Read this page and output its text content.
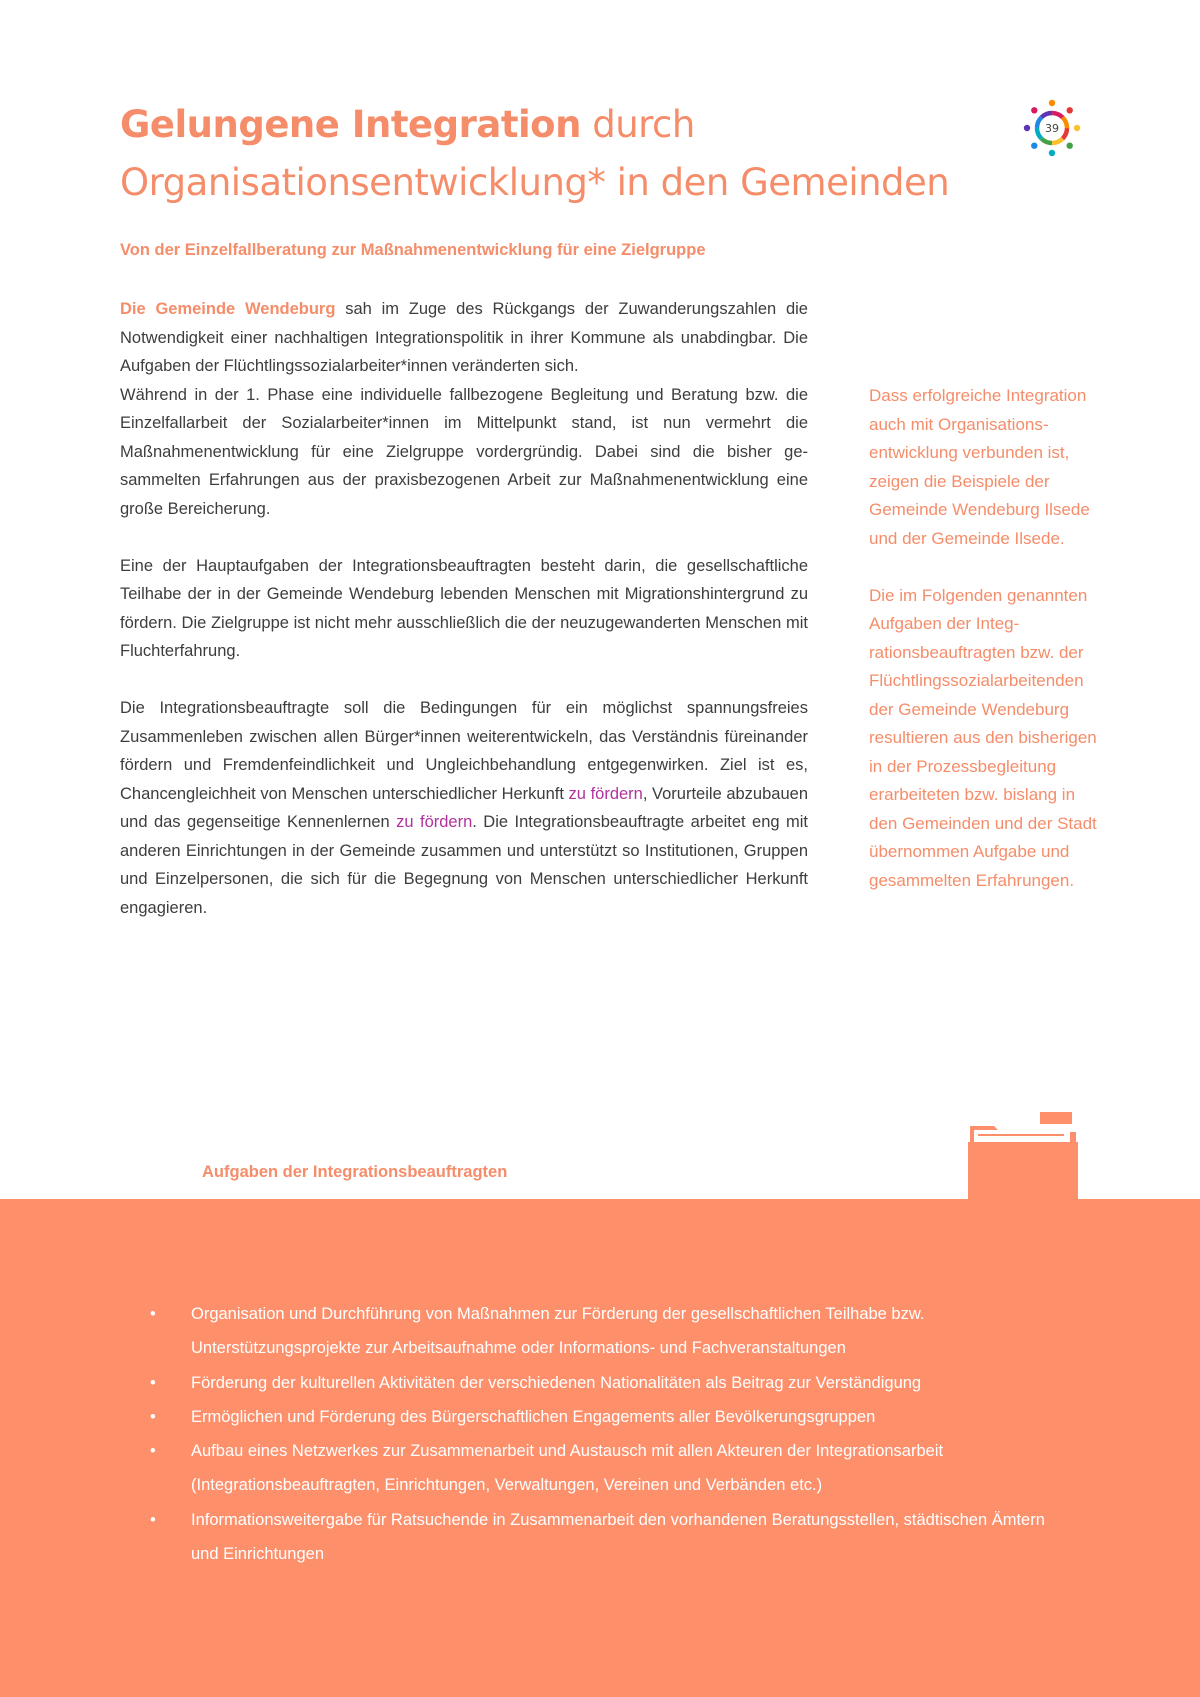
Gelungene Integration durch
Organisationsentwicklung* in den Gemeinden
39
Von der Einzelfallberatung zur Maßnahmenentwicklung für eine Zielgruppe

Die Gemeinde Wendeburg sah im Zuge des Rückgangs der Zuwanderungszahlen die Notwendigkeit einer nachhaltigen Integrationspolitik in ihrer Kommune als unabdingbar. Die Aufgaben der Flüchtlingssozialarbeiter*innen veränderten sich.
Während in der 1. Phase eine individuelle fallbezogene Begleitung und Beratung bzw. die Einzelfallarbeit der Sozialarbeiter*innen im Mittelpunkt stand, ist nun vermehrt die Maßnahmenentwicklung für eine Zielgruppe vordergründig. Dabei sind die bisher gesammelten Erfahrungen aus der praxisbezogenen Arbeit zur Maßnahmenentwicklung eine große Bereicherung.

Eine der Hauptaufgaben der Integrationsbeauftragten besteht darin, die gesellschaftliche Teilhabe der in der Gemeinde Wendeburg lebenden Menschen mit Migrationshintergrund zu fördern. Die Zielgruppe ist nicht mehr ausschließlich die der neuzugewanderten Menschen mit Fluchterfahrung.

Die Integrationsbeauftragte soll die Bedingungen für ein möglichst spannungsfreies Zusammenleben zwischen allen Bürger*innen weiterentwickeln, das Verständnis füreinander fördern und Fremdenfeindlichkeit und Ungleichbehandlung entgegenwirken. Ziel ist es, Chancengleichheit von Menschen unterschiedlicher Herkunft zu fördern, Vorurteile abzubauen und das gegenseitige Kennenlernen zu fördern. Die Integrationsbeauftragte arbeitet eng mit anderen Einrichtungen in der Gemeinde zusammen und unterstützt so Institutionen, Gruppen und Einzelpersonen, die sich für die Begegnung von Menschen unterschiedlicher Herkunft engagieren.

Dass erfolgreiche Integration auch mit Organisationsentwicklung verbunden ist, zeigen die Beispiele der Gemeinde Wendeburg Ilsede und der Gemeinde Ilsede.

Die im Folgenden genannten Aufgaben der Integrationsbeauftragten bzw. der Flüchtlingssozialarbeitenden der Gemeinde Wendeburg resultieren aus den bisherigen in der Prozessbegleitung erarbeiteten bzw. bislang in den Gemeinden und der Stadt übernommen Aufgabe und gesammelten Erfahrungen.

Aufgaben der Integrationsbeauftragten
• Organisation und Durchführung von Maßnahmen zur Förderung der gesellschaftlichen Teilhabe bzw. Unterstützungsprojekte zur Arbeitsaufnahme oder Informations- und Fachveranstaltungen
• Förderung der kulturellen Aktivitäten der verschiedenen Nationalitäten als Beitrag zur Verständigung
• Ermöglichen und Förderung des Bürgerschaftlichen Engagements aller Bevölkerungsgruppen
• Aufbau eines Netzwerkes zur Zusammenarbeit und Austausch mit allen Akteuren der Integrationsarbeit (Integrationsbeauftragten, Einrichtungen, Verwaltungen, Vereinen und Verbänden etc.)
• Informationsweitergabe für Ratsuchende in Zusammenarbeit den vorhandenen Beratungsstellen, städtischen Ämtern und Einrichtungen
